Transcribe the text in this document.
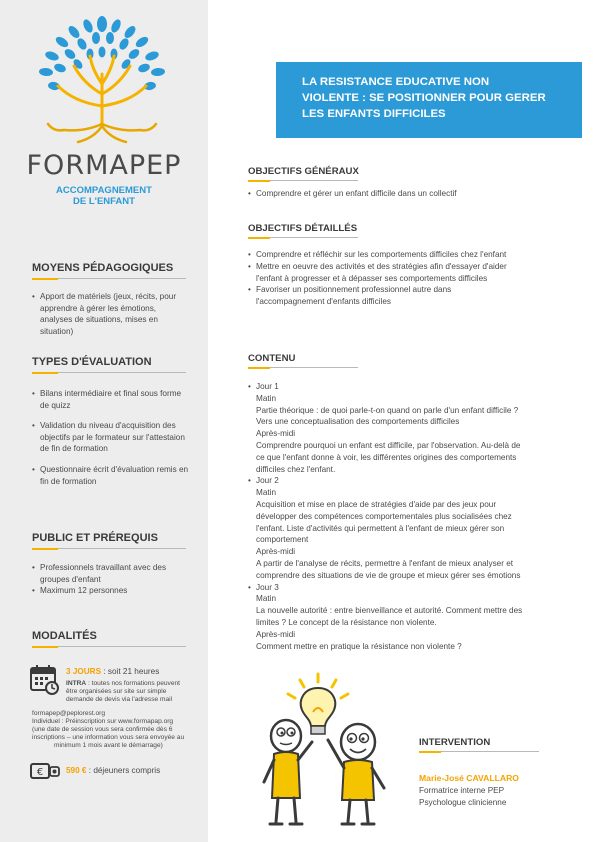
FORMAPEP
ACCOMPAGNEMENT
DE L'ENFANT
MOYENS PÉDAGOGIQUES
• Apport de matériels (jeux, récits, pour apprendre à gérer les émotions, analyses de situations, mises en situation)
TYPES D'ÉVALUATION
• Bilans intermédiaire et final sous forme de quizz
• Validation du niveau d'acquisition des objectifs par le formateur sur l'attestaion de fin de formation
• Questionnaire écrit d'évaluation remis en fin de formation
PUBLIC ET PRÉREQUIS
• Professionnels travaillant avec des groupes d'enfant
• Maximum 12 personnes
MODALITÉS
3 JOURS : soit 21 heures
INTRA : toutes nos formations peuvent
être organisées sur site sur simple
demande de devis via l'adresse mail
formapep@peplorest.org
Individuel : Préinscription sur www.formapap.org
(une date de session vous sera confirmée dès 6
inscriptions – une information vous sera envoyée au
minimum 1 mois avant le démarrage)
€	590 € : déjeuners compris
LA RESISTANCE EDUCATIVE NON
VIOLENTE : SE POSITIONNER POUR GERER
LES ENFANTS DIFFICILES
OBJECTIFS GÉNÉRAUX
• Comprendre et gérer un enfant difficile dans un collectif
OBJECTIFS DÉTAILLÉS
• Comprendre et réfléchir sur les comportements difficiles chez l'enfant
• Mettre en oeuvre des activités et des stratégies afin d'essayer d'aider l'enfant à progresser et à dépasser ses comportements difficiles
• Favoriser un positionnement professionnel autre dans l'accompagnement d'enfants difficiles
CONTENU
• Jour 1
Matin
Partie théorique : de quoi parle-t-on quand on parle d'un enfant difficile ?
Vers une conceptualisation des comportements difficiles
Après-midi
Comprendre pourquoi un enfant est difficile, par l'observation. Au-delà de
ce que l'enfant donne à voir, les différentes origines des comportements
difficiles chez l'enfant.
• Jour 2
Matin
Acquisition et mise en place de stratégies d'aide par des jeux pour
développer des compétences comportementales plus socialisées chez
l'enfant. Liste d'activités qui permettent à l'enfant de mieux gérer son
comportement
Après-midi
A partir de l'analyse de récits, permettre à l'enfant de mieux analyser et
comprendre des situations de vie de groupe et mieux gérer ses émotions
• Jour 3
Matin
La nouvelle autorité : entre bienveillance et autorité. Comment mettre des
limites ? Le concept de la résistance non violente.
Après-midi
Comment mettre en pratique la résistance non violente ?
INTERVENTION
Marie-José CAVALLARO
Formatrice interne PEP
Psychologue clinicienne
